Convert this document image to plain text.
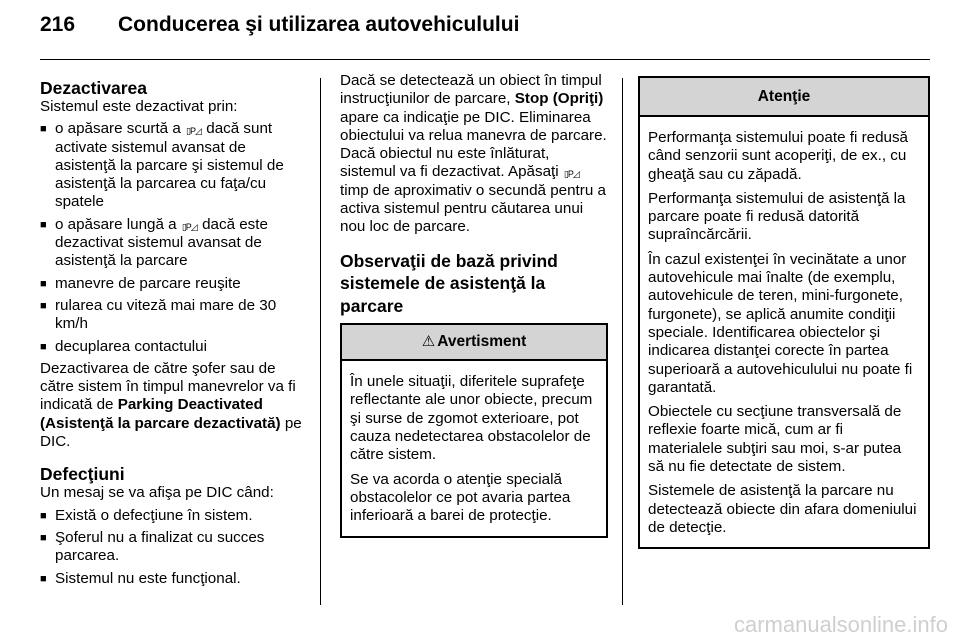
216 Conducerea şi utilizarea autovehiculului
Dezactivarea

Sistemul este dezactivat prin:

■ o apăsare scurtă a ▯P◿ dacă sunt activate sistemul avansat de asistenţă la parcare şi sistemul de asistenţă la parcarea cu faţa/cu spatele
■ o apăsare lungă a ▯P◿ dacă este dezactivat sistemul avansat de asistenţă la parcare
■ manevre de parcare reuşite
■ rularea cu viteză mai mare de 30 km/h
■ decuplarea contactului

Dezactivarea de către şofer sau de către sistem în timpul manevrelor va fi indicată de Parking Deactivated (Asistenţă la parcare dezactivată) pe DIC.

Defecţiuni

Un mesaj se va afişa pe DIC când:

■ Există o defecţiune în sistem.
■ Şoferul nu a finalizat cu succes parcarea.
■ Sistemul nu este funcţional.

Dacă se detectează un obiect în timpul instrucţiunilor de parcare, Stop (Opriţi) apare ca indicaţie pe DIC. Eliminarea obiectului va relua manevra de parcare. Dacă obiectul nu este înlăturat, sistemul va fi dezactivat. Apăsaţi ▯P◿ timp de aproximativ o secundă pentru a activa sistemul pentru căutarea unui nou loc de parcare.

Observaţii de bază privind sistemele de asistenţă la parcare
⚠ Avertisment

În unele situaţii, diferitele suprafeţe reflectante ale unor obiecte, precum şi surse de zgomot exterioare, pot cauza nedetectarea obstacolelor de către sistem.

Se va acorda o atenţie specială obstacolelor ce pot avaria partea inferioară a barei de protecţie.

Atenţie

Performanţa sistemului poate fi redusă când senzorii sunt acoperiţi, de ex., cu gheaţă sau cu zăpadă.

Performanţa sistemului de asistenţă la parcare poate fi redusă datorită supraîncărcării.

În cazul existenţei în vecinătate a unor autovehicule mai înalte (de exemplu, autovehicule de teren, mini-furgonete, furgonete), se aplică anumite condiţii speciale. Identificarea obiectelor şi indicarea distanţei corecte în partea superioară a autovehiculului nu poate fi garantată.

Obiectele cu secţiune transversală de reflexie foarte mică, cum ar fi materialele subţiri sau moi, s-ar putea să nu fie detectate de sistem.

Sistemele de asistenţă la parcare nu detectează obiecte din afara domeniului de detecţie.

carmanualsonline.info
